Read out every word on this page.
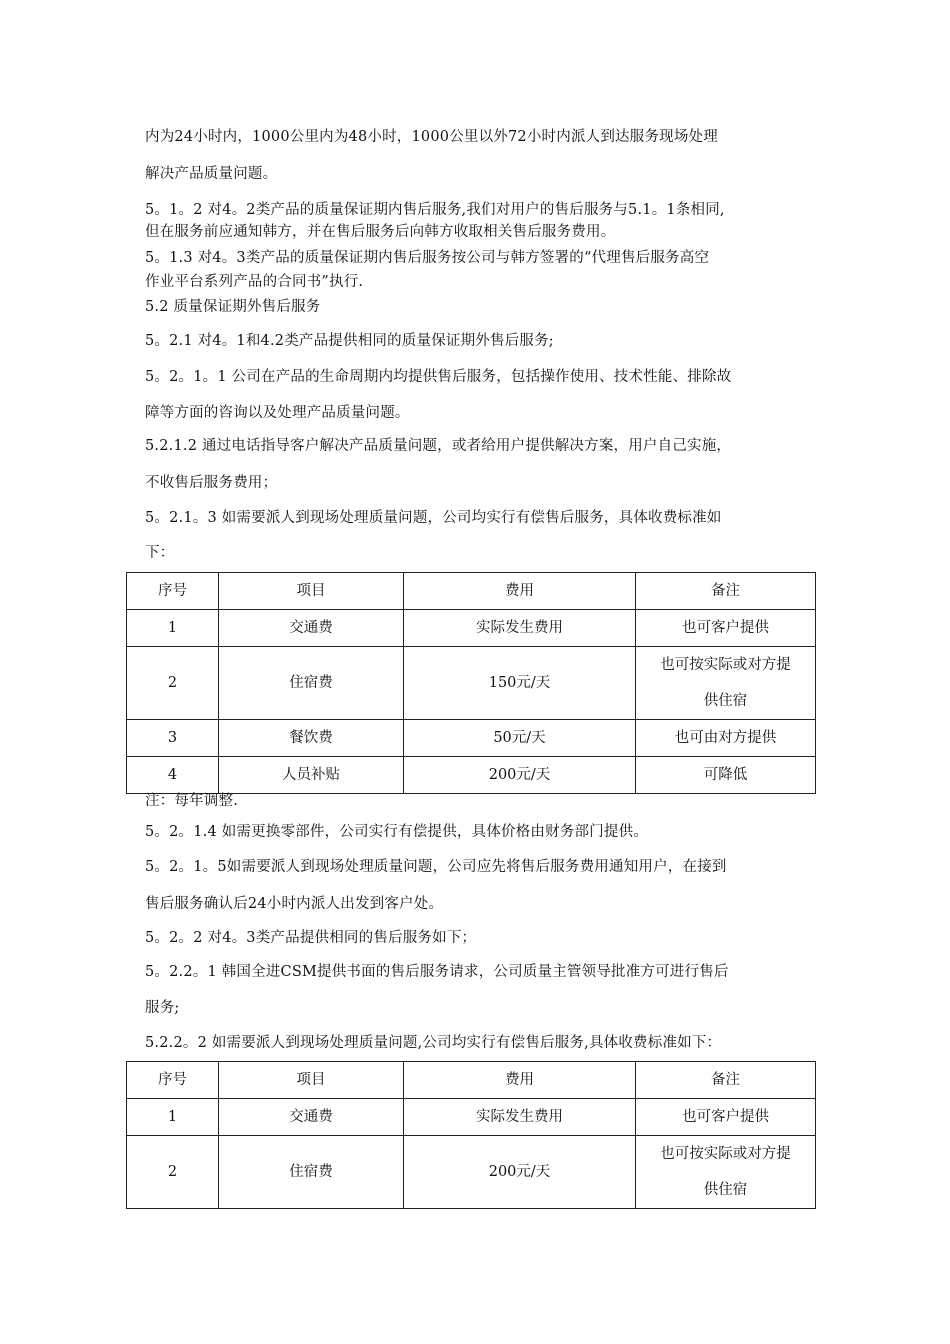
内为24小时内，1000公里内为48小时，1000公里以外72小时内派人到达服务现场处理
解决产品质量问题。
5。1。2 对4。2类产品的质量保证期内售后服务,我们对用户的售后服务与5.1。1条相同,
但在服务前应通知韩方，并在售后服务后向韩方收取相关售后服务费用。
5。1.3 对4。3类产品的质量保证期内售后服务按公司与韩方签署的“代理售后服务高空
作业平台系列产品的合同书”执行.
5.2 质量保证期外售后服务
5。2.1 对4。1和4.2类产品提供相同的质量保证期外售后服务;
5。2。1。1 公司在产品的生命周期内均提供售后服务，包括操作使用、技术性能、排除故
障等方面的咨询以及处理产品质量问题。
5.2.1.2 通过电话指导客户解决产品质量问题，或者给用户提供解决方案，用户自己实施，
不收售后服务费用；
5。2.1。3 如需要派人到现场处理质量问题，公司均实行有偿售后服务，具体收费标准如
下：
序号	项目	费用	备注
1	交通费	实际发生费用	也可客户提供
2	住宿费	150元/天	也可按实际或对方提
供住宿

3	餐饮费	50元/天	也可由对方提供
4	人员补贴	200元/天	可降低
注：每年调整.
5。2。1.4 如需更换零部件，公司实行有偿提供，具体价格由财务部门提供。
5。2。1。5如需要派人到现场处理质量问题，公司应先将售后服务费用通知用户，在接到
售后服务确认后24小时内派人出发到客户处。
5。2。2 对4。3类产品提供相同的售后服务如下；
5。2.2。1 韩国全进CSM提供书面的售后服务请求，公司质量主管领导批准方可进行售后
服务;
5.2.2。2 如需要派人到现场处理质量问题,公司均实行有偿售后服务,具体收费标准如下：
序号	项目	费用	备注
1	交通费	实际发生费用	也可客户提供
2	住宿费	200元/天	也可按实际或对方提
供住宿
